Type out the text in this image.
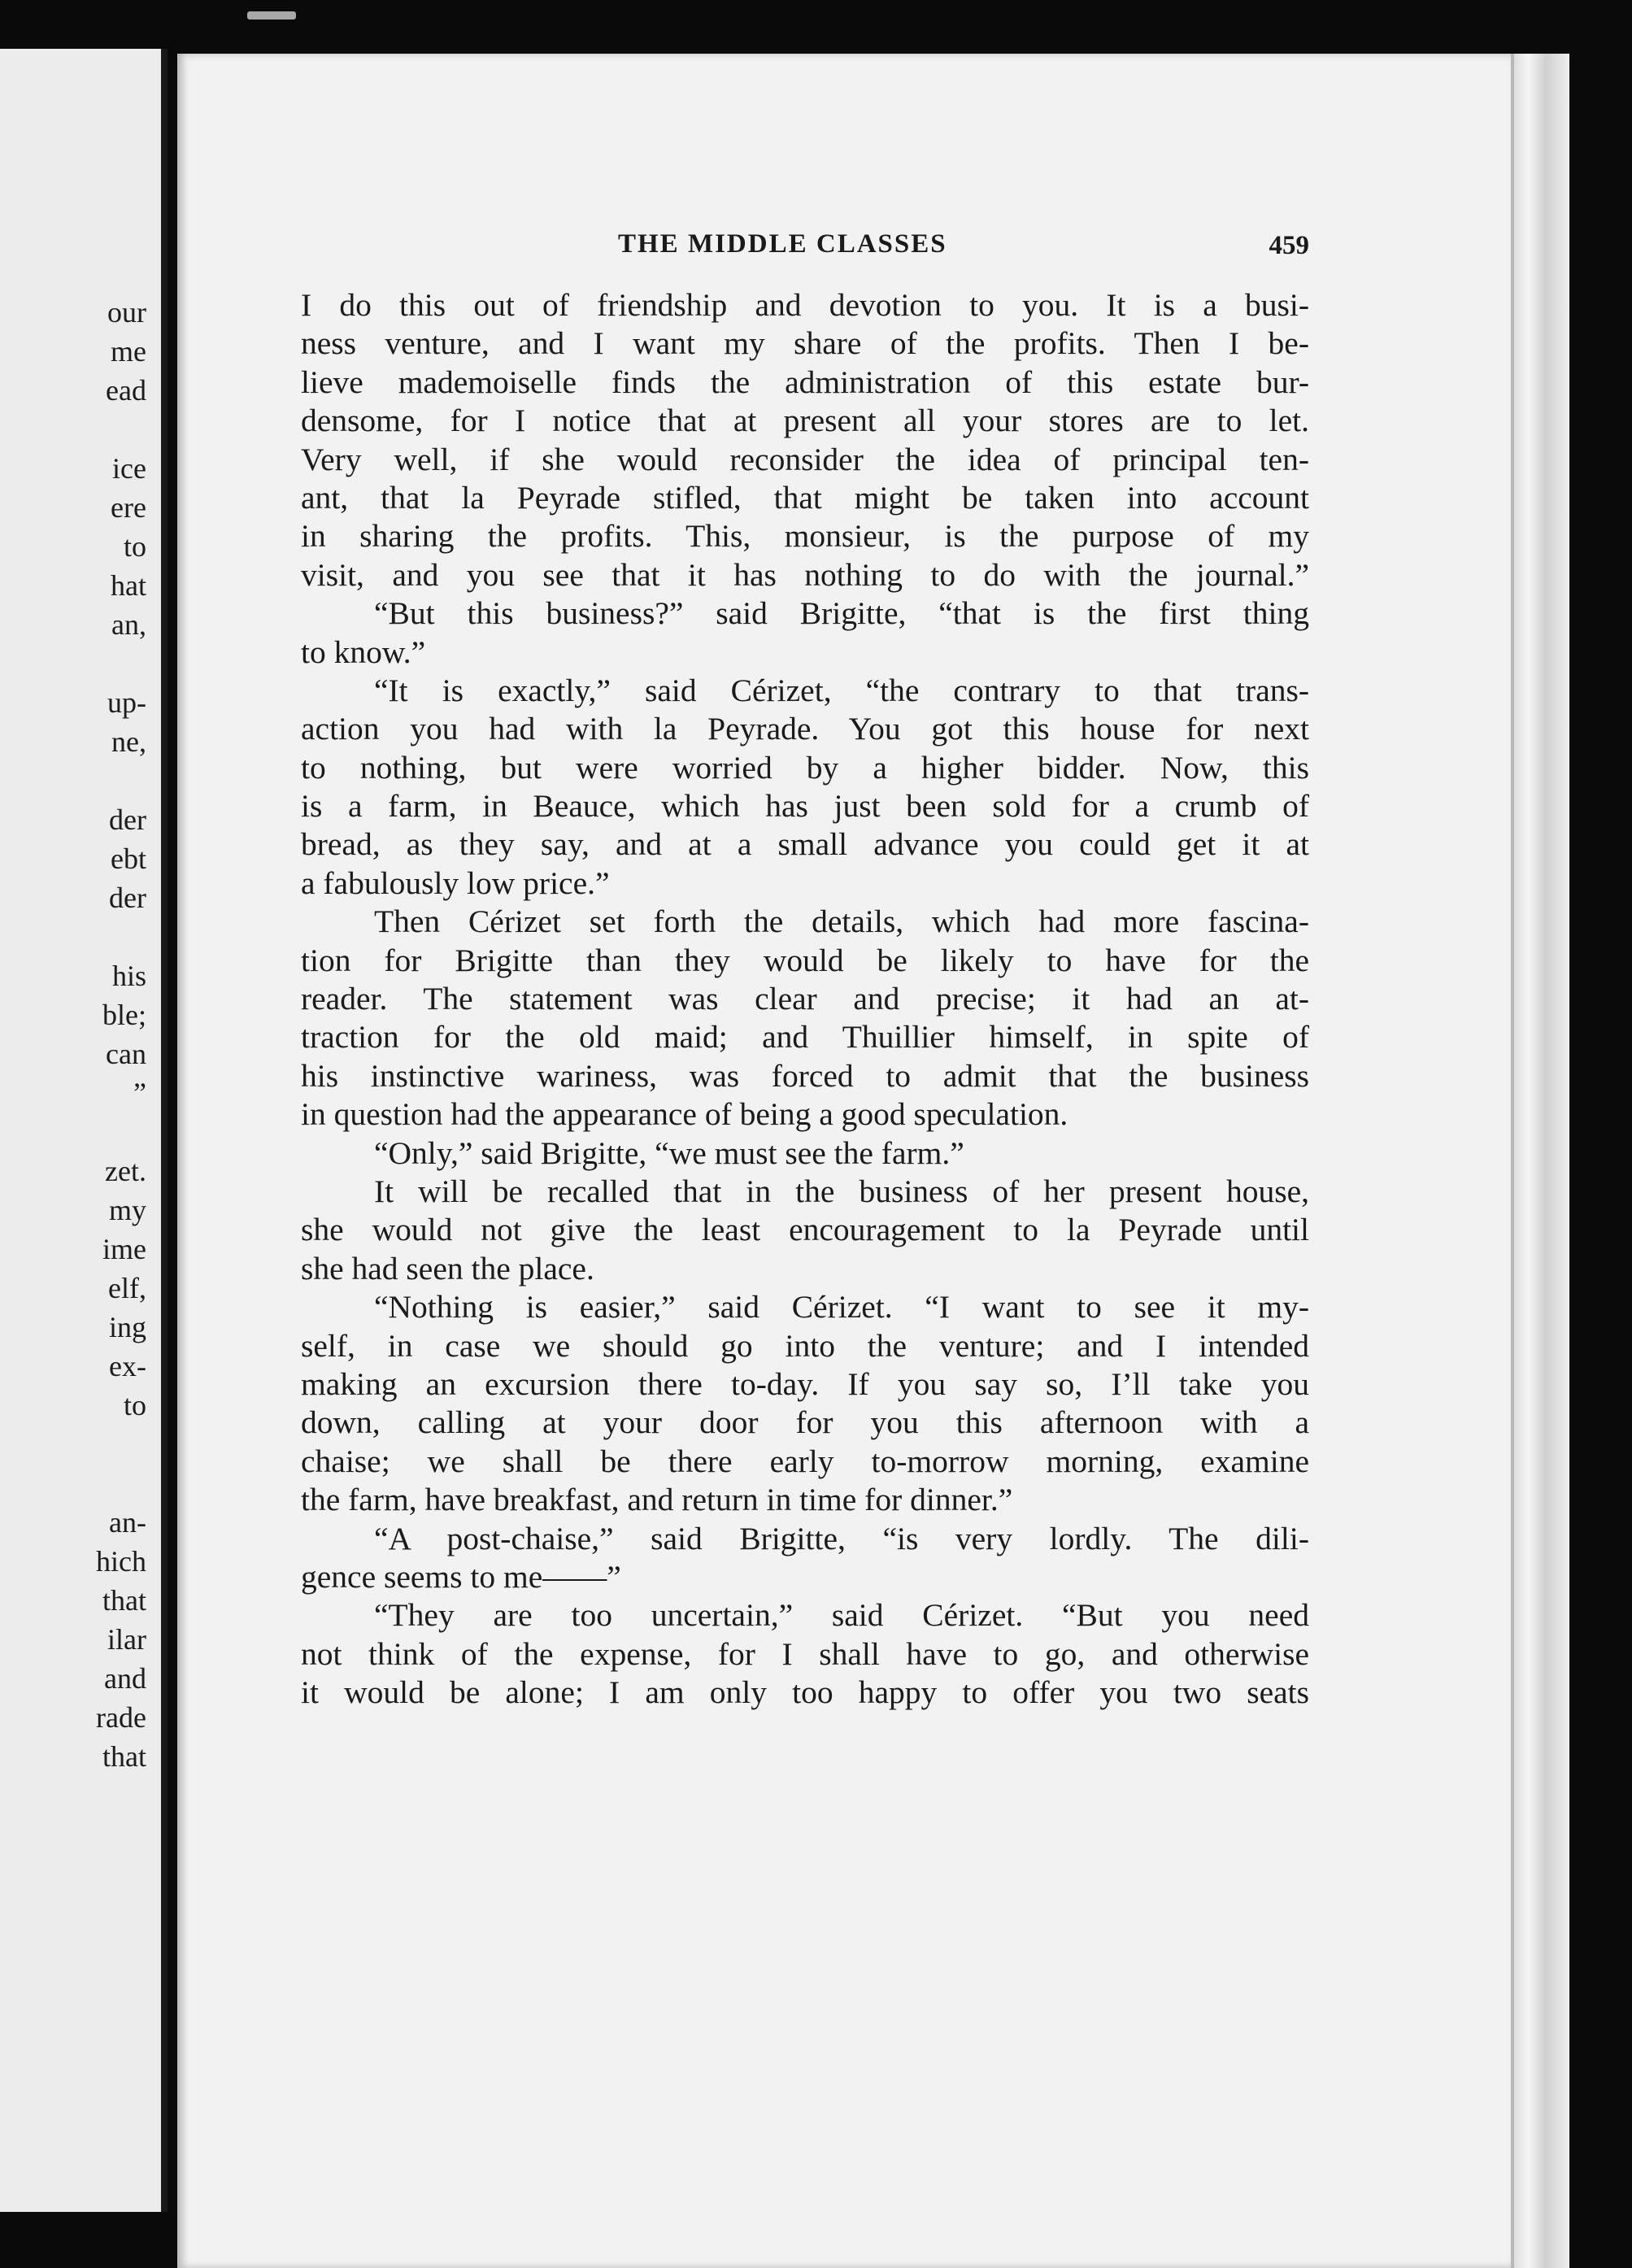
our
me
ead
ice
ere
to
hat
an,
up-
ne,
der
ebt
der
his
ble;
can
”
zet.
my
ime
elf,
ing
ex-
to
an-
hich
that
ilar
and
rade
that
THE MIDDLE CLASSES	459
I do this out of friendship and devotion to you. It is a busi-
ness venture, and I want my share of the profits. Then I be-
lieve mademoiselle finds the administration of this estate bur-
densome, for I notice that at present all your stores are to let.
Very well, if she would reconsider the idea of principal ten-
ant, that la Peyrade stifled, that might be taken into account
in sharing the profits. This, monsieur, is the purpose of my
visit, and you see that it has nothing to do with the journal.”
“But this business?” said Brigitte, “that is the first thing
to know.”
“It is exactly,” said Cérizet, “the contrary to that trans-
action you had with la Peyrade. You got this house for next
to nothing, but were worried by a higher bidder. Now, this
is a farm, in Beauce, which has just been sold for a crumb of
bread, as they say, and at a small advance you could get it at
a fabulously low price.”
Then Cérizet set forth the details, which had more fascina-
tion for Brigitte than they would be likely to have for the
reader. The statement was clear and precise; it had an at-
traction for the old maid; and Thuillier himself, in spite of
his instinctive wariness, was forced to admit that the business
in question had the appearance of being a good speculation.
“Only,” said Brigitte, “we must see the farm.”
It will be recalled that in the business of her present house,
she would not give the least encouragement to la Peyrade until
she had seen the place.
“Nothing is easier,” said Cérizet. “I want to see it my-
self, in case we should go into the venture; and I intended
making an excursion there to-day. If you say so, I’ll take you
down, calling at your door for you this afternoon with a
chaise; we shall be there early to-morrow morning, examine
the farm, have breakfast, and return in time for dinner.”
“A post-chaise,” said Brigitte, “is very lordly. The dili-
gence seems to me——”
“They are too uncertain,” said Cérizet. “But you need
not think of the expense, for I shall have to go, and otherwise
it would be alone; I am only too happy to offer you two seats
